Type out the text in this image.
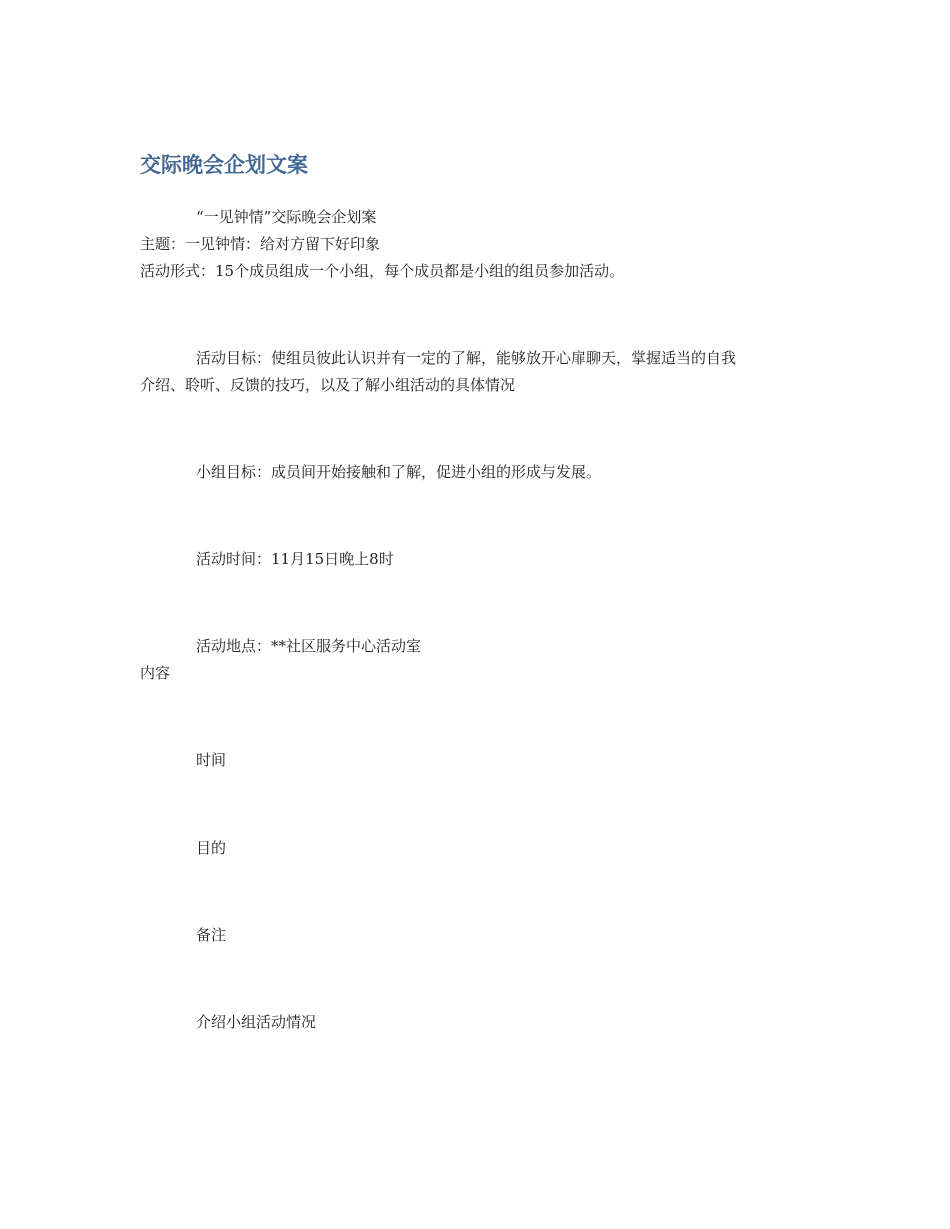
交际晚会企划文案
“一见钟情”交际晚会企划案
主题：一见钟情：给对方留下好印象
活动形式：15个成员组成一个小组，每个成员都是小组的组员参加活动。
活动目标：使组员彼此认识并有一定的了解，能够放开心扉聊天，掌握适当的自我
介绍、聆听、反馈的技巧，以及了解小组活动的具体情况
小组目标：成员间开始接触和了解，促进小组的形成与发展。
活动时间：11月15日晚上8时
活动地点：**社区服务中心活动室
内容
时间
目的
备注
介绍小组活动情况
